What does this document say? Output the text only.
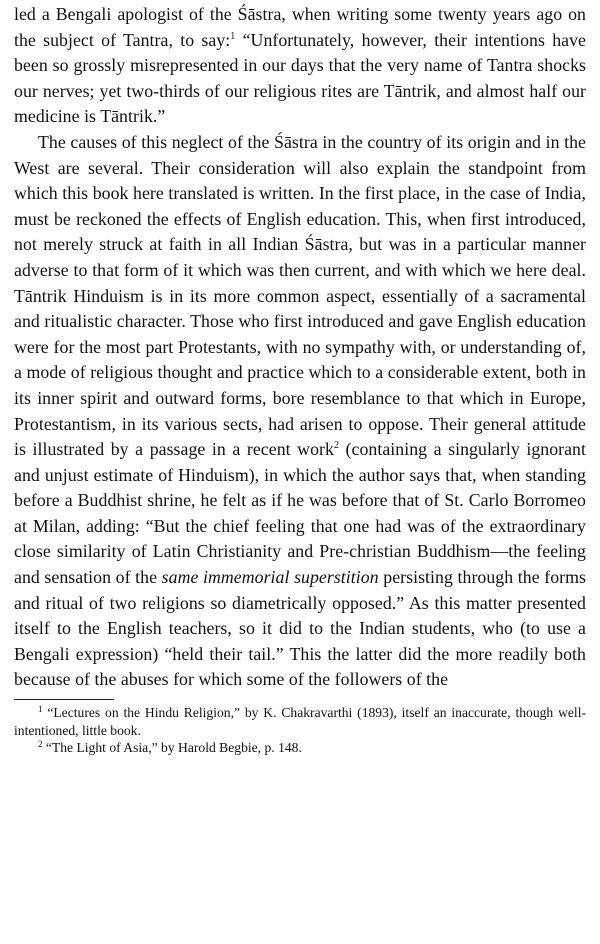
led a Bengali apologist of the Śāstra, when writing some twenty years ago on the subject of Tantra, to say:$^1$ “Unfortunately, however, their intentions have been so grossly misrepresented in our days that the very name of Tantra shocks our nerves; yet two-thirds of our religious rites are Tāntrik, and almost half our medicine is Tāntrik.”

The causes of this neglect of the Śāstra in the country of its origin and in the West are several. Their consideration will also explain the standpoint from which this book here translated is written. In the first place, in the case of India, must be reckoned the effects of English education. This, when first introduced, not merely struck at faith in all Indian Śāstra, but was in a particular manner adverse to that form of it which was then current, and with which we here deal. Tāntrik Hinduism is in its more common aspect, essentially of a sacramental and ritualistic character. Those who first introduced and gave English education were for the most part Protestants, with no sympathy with, or understanding of, a mode of religious thought and practice which to a considerable extent, both in its inner spirit and outward forms, bore resemblance to that which in Europe, Protestantism, in its various sects, had arisen to oppose. Their general attitude is illustrated by a passage in a recent work$^2$ (containing a singularly ignorant and unjust estimate of Hinduism), in which the author says that, when standing before a Buddhist shrine, he felt as if he was before that of St. Carlo Borromeo at Milan, adding: “But the chief feeling that one had was of the extraordinary close similarity of Latin Christianity and Pre-christian Buddhism—the feeling and sensation of the same immemorial superstition persisting through the forms and ritual of two religions so diametrically opposed.” As this matter presented itself to the English teachers, so it did to the Indian students, who (to use a Bengali expression) “held their tail.” This the latter did the more readily both because of the abuses for which some of the followers of the

$^1$ “Lectures on the Hindu Religion,” by K. Chakravarthi (1893), itself an inaccurate, though well-intentioned, little book.

$^2$ “The Light of Asia,” by Harold Begbie, p. 148.
